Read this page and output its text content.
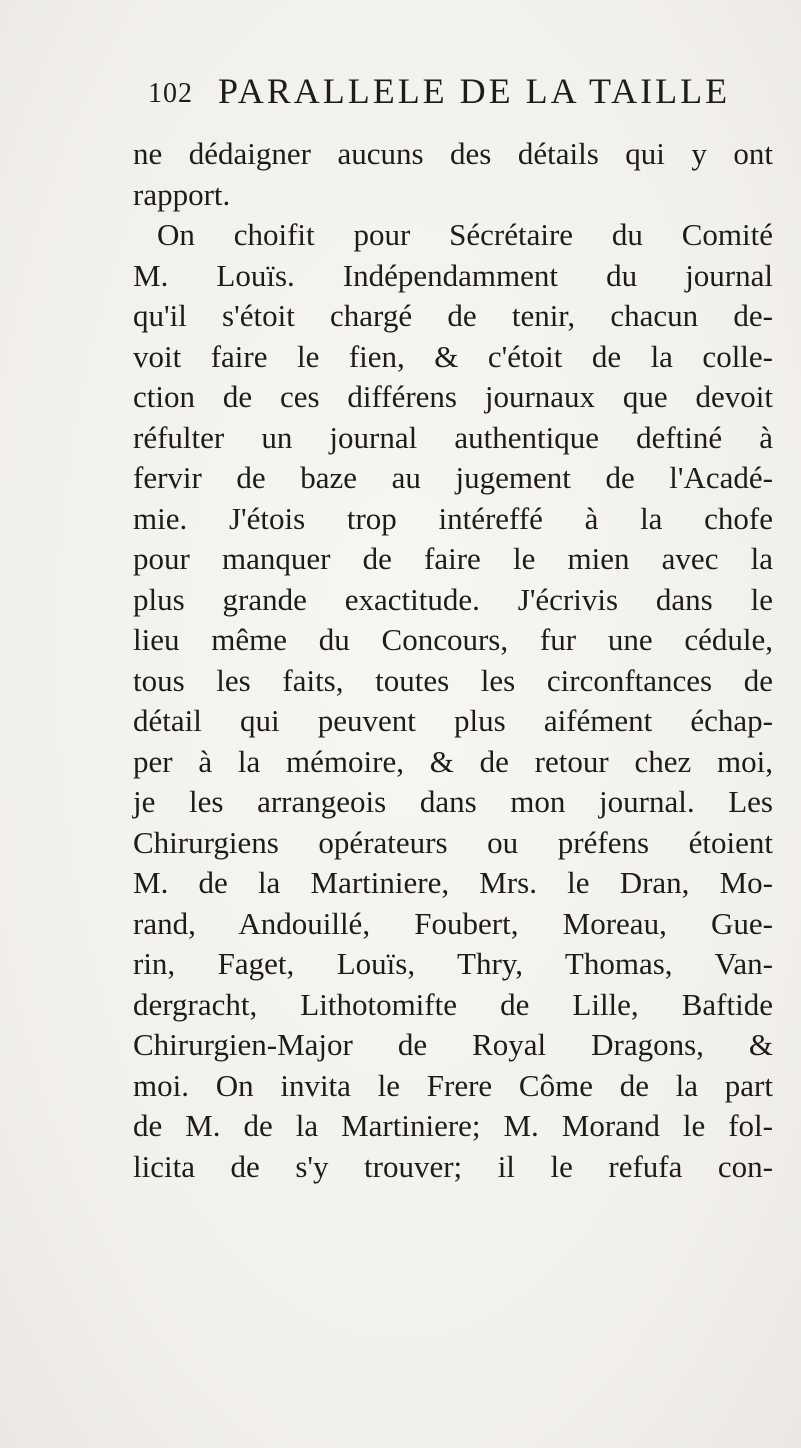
102 PARALLELE DE LA TAILLE
ne dédaigner aucuns des détails qui y ont
rapport.
On choifit pour Sécrétaire du Comité
M. Louïs. Indépendamment du journal
qu'il s'étoit chargé de tenir, chacun de-
voit faire le fien, & c'étoit de la colle-
ction de ces différens journaux que devoit
réfulter un journal authentique deftiné à
fervir de baze au jugement de l'Acadé-
mie. J'étois trop intéreffé à la chofe
pour manquer de faire le mien avec la
plus grande exactitude. J'écrivis dans le
lieu même du Concours, fur une cédule,
tous les faits, toutes les circonftances de
détail qui peuvent plus aifément échap-
per à la mémoire, & de retour chez moi,
je les arrangeois dans mon journal. Les
Chirurgiens opérateurs ou préfens étoient
M. de la Martiniere, Mrs. le Dran, Mo-
rand, Andouillé, Foubert, Moreau, Gue-
rin, Faget, Louïs, Thry, Thomas, Van-
dergracht, Lithotomifte de Lille, Baftide
Chirurgien-Major de Royal Dragons, &
moi. On invita le Frere Côme de la part
de M. de la Martiniere; M. Morand le fol-
licita de s'y trouver; il le refufa con-
